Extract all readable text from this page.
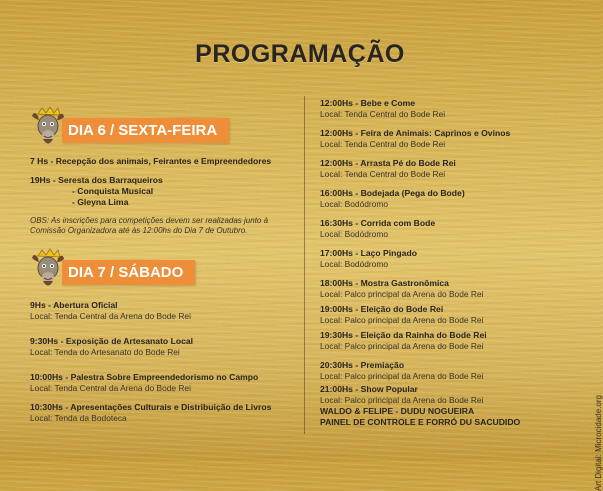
PROGRAMAÇÃO
Art Digital: Microcidade.org
DIA 6 / SEXTA-FEIRA
7 Hs - Recepção dos animais, Feirantes e Empreendedores
19Hs - Seresta dos Barraqueiros
- Conquista Musical
- Gleyna Lima
OBS: As inscrições para competições devem ser realizadas junto à Comissão Organizadora até às 12:00hs do Dia 7 de Outubro.
DIA 7 / SÁBADO
9Hs - Abertura Oficial
Local: Tenda Central da Arena do Bode Rei
9:30Hs - Exposição de Artesanato Local
Local: Tenda do Artesanato do Bode Rei
10:00Hs - Palestra Sobre Empreendedorismo no Campo
Local: Tenda Central da Arena do Bode Rei
10:30Hs - Apresentações Culturais e Distribuição de Livros
Local: Tenda da Bodoteca
12:00Hs - Bebe e Come
Local: Tenda Central do Bode Rei
12:00Hs - Feira de Animais: Caprinos e Ovinos
Local: Tenda Central do Bode Rei
12:00Hs - Arrasta Pé do Bode Rei
Local: Tenda Central do Bode Rei
16:00Hs - Bodejada (Pega do Bode)
Local: Bodódromo
16:30Hs - Corrida com Bode
Local: Bodódromo
17:00Hs - Laço Pingado
Local: Bodódromo
18:00Hs - Mostra Gastronômica
Local: Palco principal da Arena do Bode Rei
19:00Hs - Eleição do Bode Rei
Local: Palco principal da Arena do Bode Rei
19:30Hs - Eleição da Rainha do Bode Rei
Local: Palco principal da Arena do Bode Rei
20:30Hs - Premiação
Local: Palco principal da Arena do Bode Rei
21:00Hs - Show Popular
Local: Palco principal da Arena do Bode Rei
WALDO & FELIPE - DUDU NOGUEIRA
PAINEL DE CONTROLE E FORRÓ DU SACUDIDO
